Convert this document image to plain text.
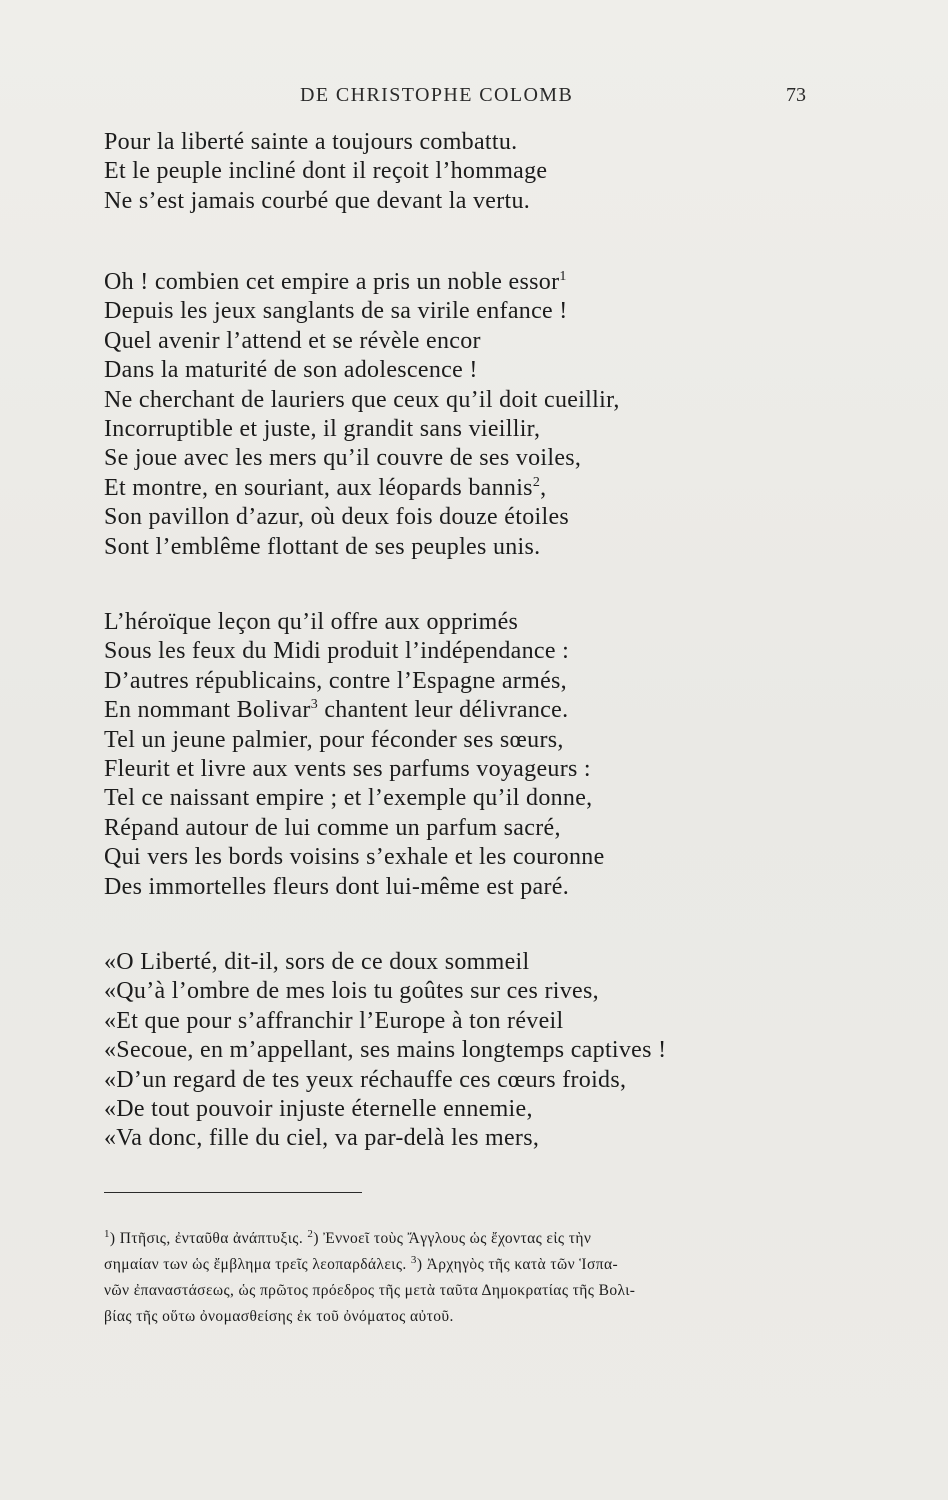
DE CHRISTOPHE COLOMB	73
Pour la liberté sainte a toujours combattu.
Et le peuple incliné dont il reçoit l’hommage
Ne s’est jamais courbé que devant la vertu.
Oh ! combien cet empire a pris un noble essor$^1$
Depuis les jeux sanglants de sa virile enfance !
Quel avenir l’attend et se révèle encor
Dans la maturité de son adolescence !
Ne cherchant de lauriers que ceux qu’il doit cueillir,
Incorruptible et juste, il grandit sans vieillir,
Se joue avec les mers qu’il couvre de ses voiles,
Et montre, en souriant, aux léopards bannis$^2$,
Son pavillon d’azur, où deux fois douze étoiles
Sont l’emblême flottant de ses peuples unis.
L’héroïque leçon qu’il offre aux opprimés
Sous les feux du Midi produit l’indépendance :
D’autres républicains, contre l’Espagne armés,
En nommant Bolivar$^3$ chantent leur délivrance.
Tel un jeune palmier, pour féconder ses sœurs,
Fleurit et livre aux vents ses parfums voyageurs :
Tel ce naissant empire ; et l’exemple qu’il donne,
Répand autour de lui comme un parfum sacré,
Qui vers les bords voisins s’exhale et les couronne
Des immortelles fleurs dont lui-même est paré.
«O Liberté, dit-il, sors de ce doux sommeil
«Qu’à l’ombre de mes lois tu goûtes sur ces rives,
«Et que pour s’affranchir l’Europe à ton réveil
«Secoue, en m’appellant, ses mains longtemps captives !
«D’un regard de tes yeux réchauffe ces cœurs froids,
«De tout pouvoir injuste éternelle ennemie,
«Va donc, fille du ciel, va par-delà les mers,
$^1$) Πτῆσις, ἐνταῦθα ἀνάπτυξις. $^2$) Ἐννοεῖ τοὺς Ἄγγλους ὡς ἔχοντας εἰς τὴν
σημαίαν των ὡς ἔμβλημα τρεῖς λεοπαρδάλεις. $^3$) Ἀρχηγὸς τῆς κατὰ τῶν Ἱσπα-
νῶν ἐπαναστάσεως, ὡς πρῶτος πρόεδρος τῆς μετὰ ταῦτα Δημοκρατίας τῆς Βολι-
βίας τῆς οὕτω ὀνομασθείσης ἐκ τοῦ ὀνόματος αὐτοῦ.
